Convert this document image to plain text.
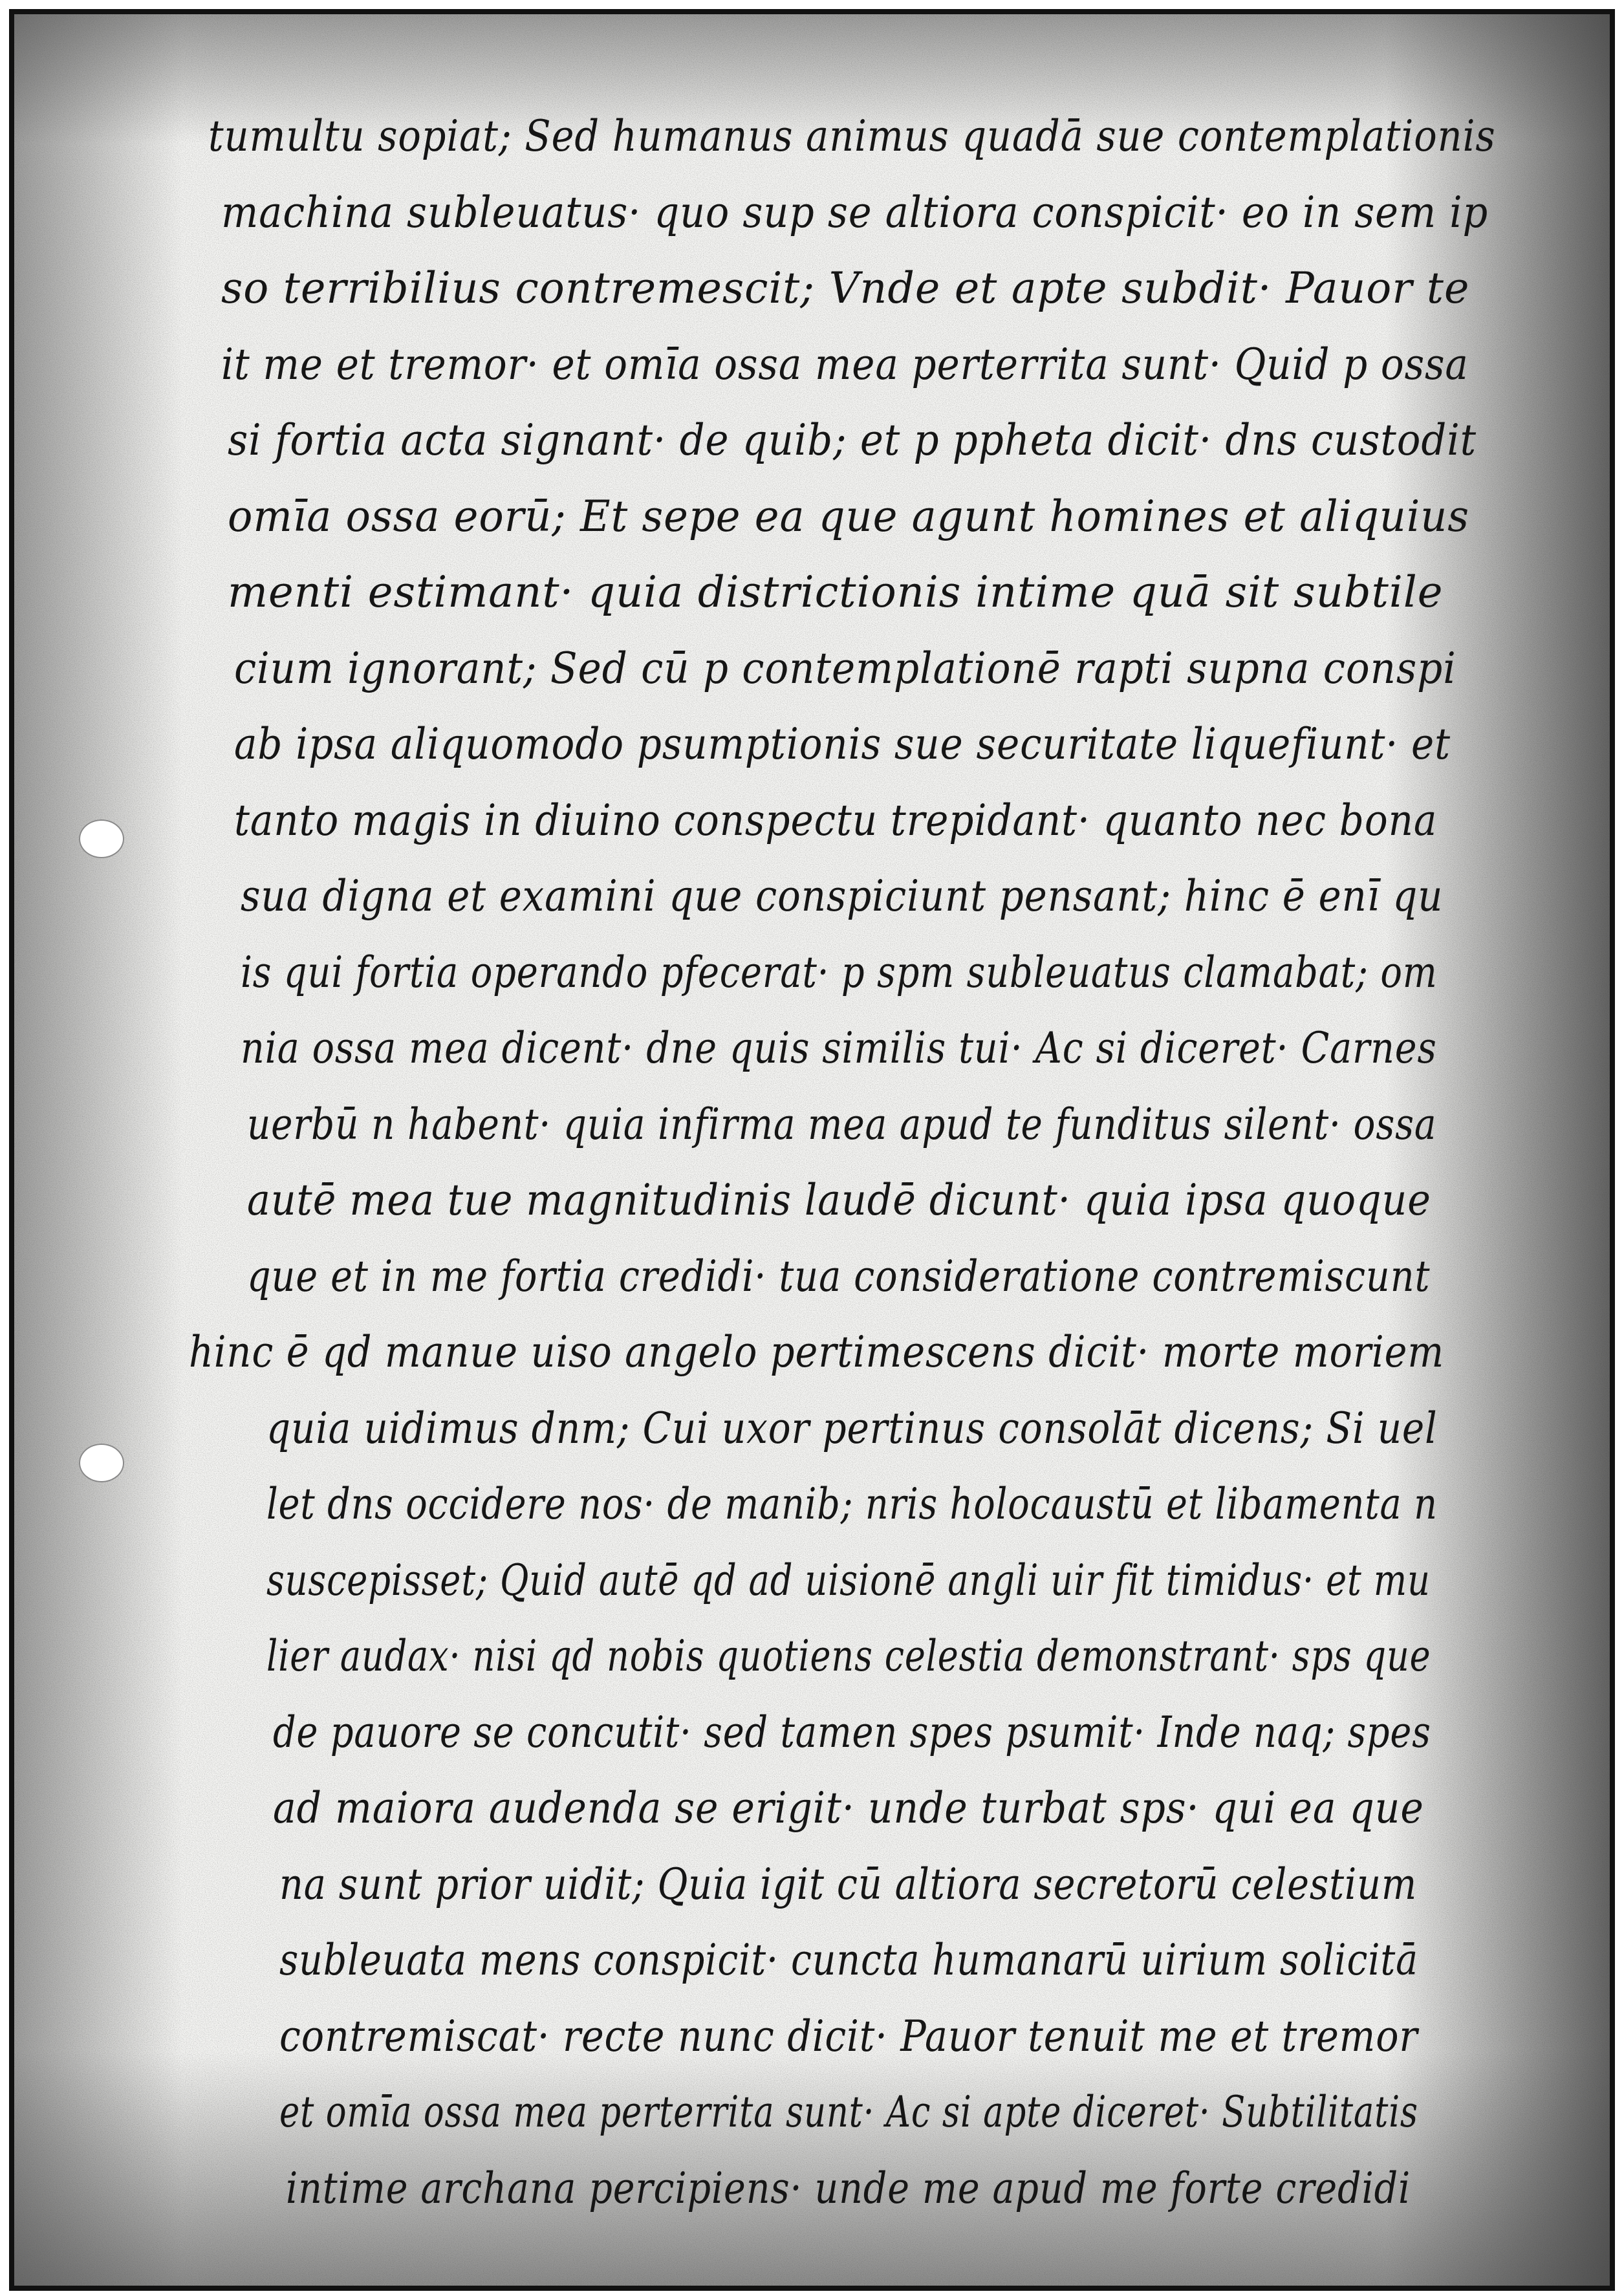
tumultu sopiat; Sed humanus animus quadā sue contemplationis
machina subleuatus· quo sup se altiora conspicit· eo in sem ip
so terribilius contremescit; Vnde et apte subdit· Pauor te
it me et tremor· et omīa ossa mea perterrita sunt· Quid p ossa
si fortia acta signant· de quib; et p ppheta dicit· dns custodit
omīa ossa eorū; Et sepe ea que agunt homines et aliquius
menti estimant· quia districtionis intime quā sit subtile
cium ignorant; Sed cū p contemplationē rapti supna conspi
ab ipsa aliquomodo psumptionis sue securitate liquefiunt· et
tanto magis in diuino conspectu trepidant· quanto nec bona
sua digna et examini que conspiciunt pensant; hinc ē enī qu
is qui fortia operando pfecerat· p spm subleuatus clamabat; om
nia ossa mea dicent· dne quis similis tui· Ac si diceret· Carnes
uerbū n habent· quia infirma mea apud te funditus silent· ossa
autē mea tue magnitudinis laudē dicunt· quia ipsa quoque
que et in me fortia credidi· tua consideratione contremiscunt
hinc ē qd manue uiso angelo pertimescens dicit· morte moriem
quia uidimus dnm; Cui uxor pertinus consolāt dicens; Si uel
let dns occidere nos· de manib; nris holocaustū et libamenta n
suscepisset; Quid autē qd ad uisionē angli uir fit timidus· et mu
lier audax· nisi qd nobis quotiens celestia demonstrant· sps que
de pauore se concutit· sed tamen spes psumit· Inde naq; spes
ad maiora audenda se erigit· unde turbat sps· qui ea que
na sunt prior uidit; Quia igit cū altiora secretorū celestium
subleuata mens conspicit· cuncta humanarū uirium solicitā
contremiscat· recte nunc dicit· Pauor tenuit me et tremor
et omīa ossa mea perterrita sunt· Ac si apte diceret· Subtilitatis
intime archana percipiens· unde me apud me forte credidi
